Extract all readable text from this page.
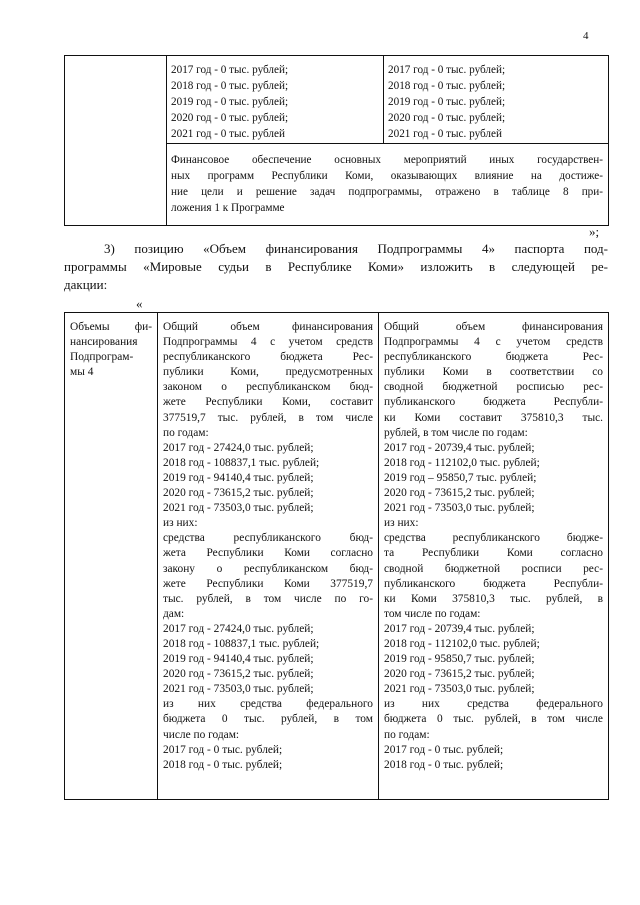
4
2017 год - 0 тыс. рублей;
2018 год - 0 тыс. рублей;
2019 год - 0 тыс. рублей;
2020 год - 0 тыс. рублей;
2021 год - 0 тыс. рублей
2017 год - 0 тыс. рублей;
2018 год - 0 тыс. рублей;
2019 год - 0 тыс. рублей;
2020 год - 0 тыс. рублей;
2021 год - 0 тыс. рублей
Финансовое обеспечение основных мероприятий иных государствен-
ных программ Республики Коми, оказывающих влияние на достиже-
ние цели и решение задач подпрограммы, отражено в таблице 8 при-
ложения 1 к Программе
»;
3) позицию «Объем финансирования Подпрограммы 4» паспорта под-
программы «Мировые судьи в Республике Коми» изложить в следующей ре-
дакции:
«
Объемы фи-
нансирования
Подпрограм-
мы 4
Общий объем финансирования
Подпрограммы 4 с учетом средств
республиканского бюджета Рес-
публики Коми, предусмотренных
законом о республиканском бюд-
жете Республики Коми, составит
377519,7 тыс. рублей, в том числе
по годам:
2017 год - 27424,0 тыс. рублей;
2018 год - 108837,1 тыс. рублей;
2019 год - 94140,4 тыс. рублей;
2020 год - 73615,2 тыс. рублей;
2021 год - 73503,0 тыс. рублей;
из них:
средства республиканского бюд-
жета Республики Коми согласно
закону о республиканском бюд-
жете Республики Коми 377519,7
тыс. рублей, в том числе по го-
дам:
2017 год - 27424,0 тыс. рублей;
2018 год - 108837,1 тыс. рублей;
2019 год - 94140,4 тыс. рублей;
2020 год - 73615,2 тыс. рублей;
2021 год - 73503,0 тыс. рублей;
из них средства федерального
бюджета 0 тыс. рублей, в том
числе по годам:
2017 год - 0 тыс. рублей;
2018 год - 0 тыс. рублей;
Общий объем финансирования
Подпрограммы 4 с учетом средств
республиканского бюджета Рес-
публики Коми в соответствии со
сводной бюджетной росписью рес-
публиканского бюджета Республи-
ки Коми составит 375810,3 тыс.
рублей, в том числе по годам:
2017 год - 20739,4 тыс. рублей;
2018 год - 112102,0 тыс. рублей;
2019 год – 95850,7 тыс. рублей;
2020 год - 73615,2 тыс. рублей;
2021 год - 73503,0 тыс. рублей;
из них:
средства республиканского бюдже-
та Республики Коми согласно
сводной бюджетной росписи рес-
публиканского бюджета Республи-
ки Коми 375810,3 тыс. рублей, в
том числе по годам:
2017 год - 20739,4 тыс. рублей;
2018 год - 112102,0 тыс. рублей;
2019 год - 95850,7 тыс. рублей;
2020 год - 73615,2 тыс. рублей;
2021 год - 73503,0 тыс. рублей;
из них средства федерального
бюджета 0 тыс. рублей, в том числе
по годам:
2017 год - 0 тыс. рублей;
2018 год - 0 тыс. рублей;
